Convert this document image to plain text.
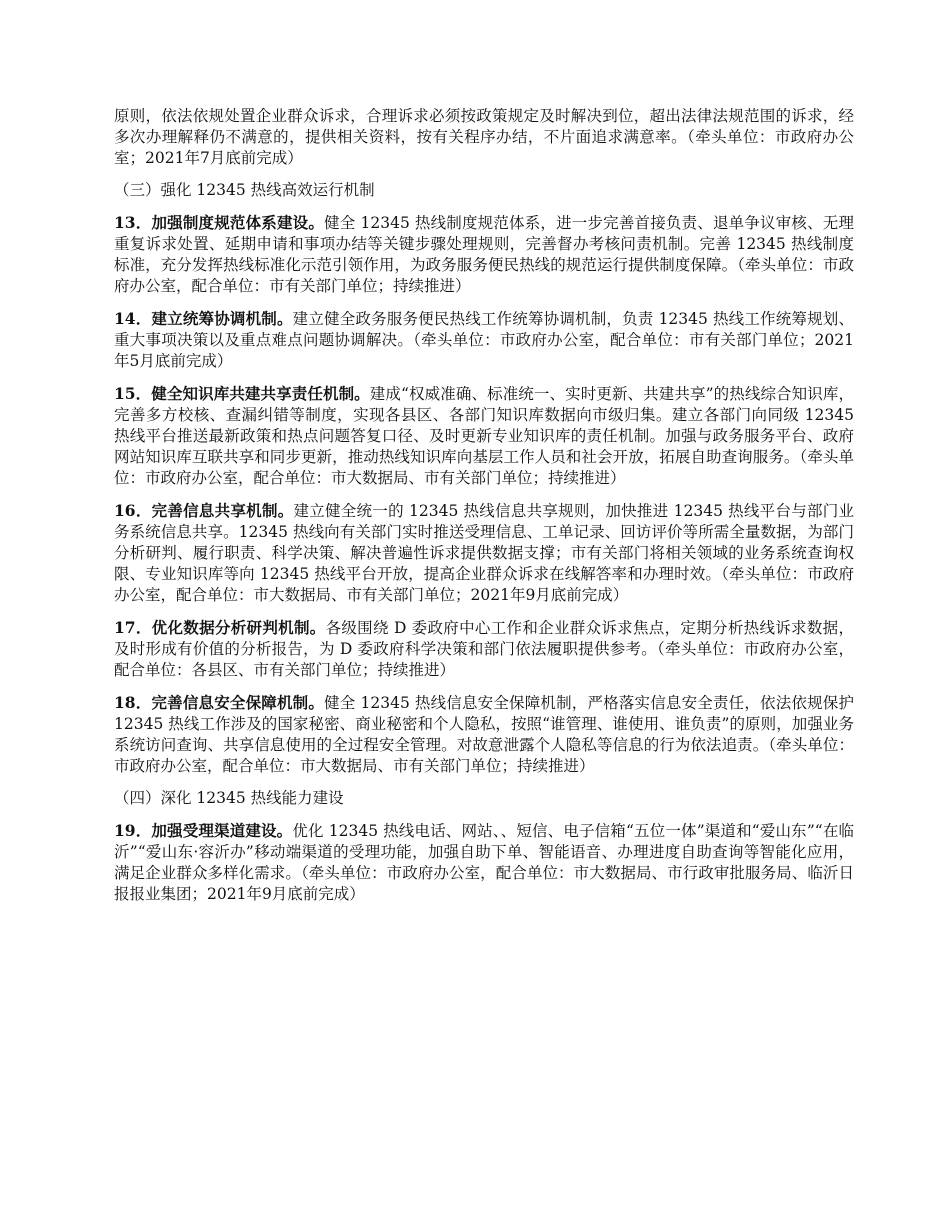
原则，依法依规处置企业群众诉求，合理诉求必须按政策规定及时解决到位，超出法律法规范围的诉求，经多次办理解释仍不满意的，提供相关资料，按有关程序办结，不片面追求满意率。（牵头单位：市政府办公室；2021年7月底前完成）

（三）强化 12345 热线高效运行机制

13．加强制度规范体系建设。健全 12345 热线制度规范体系，进一步完善首接负责、退单争议审核、无理重复诉求处置、延期申请和事项办结等关键步骤处理规则，完善督办考核问责机制。完善 12345 热线制度标准，充分发挥热线标准化示范引领作用，为政务服务便民热线的规范运行提供制度保障。（牵头单位：市政府办公室，配合单位：市有关部门单位；持续推进）

14．建立统筹协调机制。建立健全政务服务便民热线工作统筹协调机制，负责 12345 热线工作统筹规划、重大事项决策以及重点难点问题协调解决。（牵头单位：市政府办公室，配合单位：市有关部门单位；2021年5月底前完成）

15．健全知识库共建共享责任机制。建成“权威准确、标准统一、实时更新、共建共享”的热线综合知识库，完善多方校核、查漏纠错等制度，实现各县区、各部门知识库数据向市级归集。建立各部门向同级 12345 热线平台推送最新政策和热点问题答复口径、及时更新专业知识库的责任机制。加强与政务服务平台、政府网站知识库互联共享和同步更新，推动热线知识库向基层工作人员和社会开放，拓展自助查询服务。（牵头单位：市政府办公室，配合单位：市大数据局、市有关部门单位；持续推进）

16．完善信息共享机制。建立健全统一的 12345 热线信息共享规则，加快推进 12345 热线平台与部门业务系统信息共享。12345 热线向有关部门实时推送受理信息、工单记录、回访评价等所需全量数据，为部门分析研判、履行职责、科学决策、解决普遍性诉求提供数据支撑；市有关部门将相关领域的业务系统查询权限、专业知识库等向 12345 热线平台开放，提高企业群众诉求在线解答率和办理时效。（牵头单位：市政府办公室，配合单位：市大数据局、市有关部门单位；2021年9月底前完成）

17．优化数据分析研判机制。各级围绕 D 委政府中心工作和企业群众诉求焦点，定期分析热线诉求数据，及时形成有价值的分析报告，为 D 委政府科学决策和部门依法履职提供参考。（牵头单位：市政府办公室，配合单位：各县区、市有关部门单位；持续推进）

18．完善信息安全保障机制。健全 12345 热线信息安全保障机制，严格落实信息安全责任，依法依规保护 12345 热线工作涉及的国家秘密、商业秘密和个人隐私，按照“谁管理、谁使用、谁负责”的原则，加强业务系统访问查询、共享信息使用的全过程安全管理。对故意泄露个人隐私等信息的行为依法追责。（牵头单位：市政府办公室，配合单位：市大数据局、市有关部门单位；持续推进）

（四）深化 12345 热线能力建设

19．加强受理渠道建设。优化 12345 热线电话、网站、、短信、电子信箱“五位一体”渠道和“爱山东”“在临沂”“爱山东·容沂办”移动端渠道的受理功能，加强自助下单、智能语音、办理进度自助查询等智能化应用，满足企业群众多样化需求。（牵头单位：市政府办公室，配合单位：市大数据局、市行政审批服务局、临沂日报报业集团；2021年9月底前完成）
